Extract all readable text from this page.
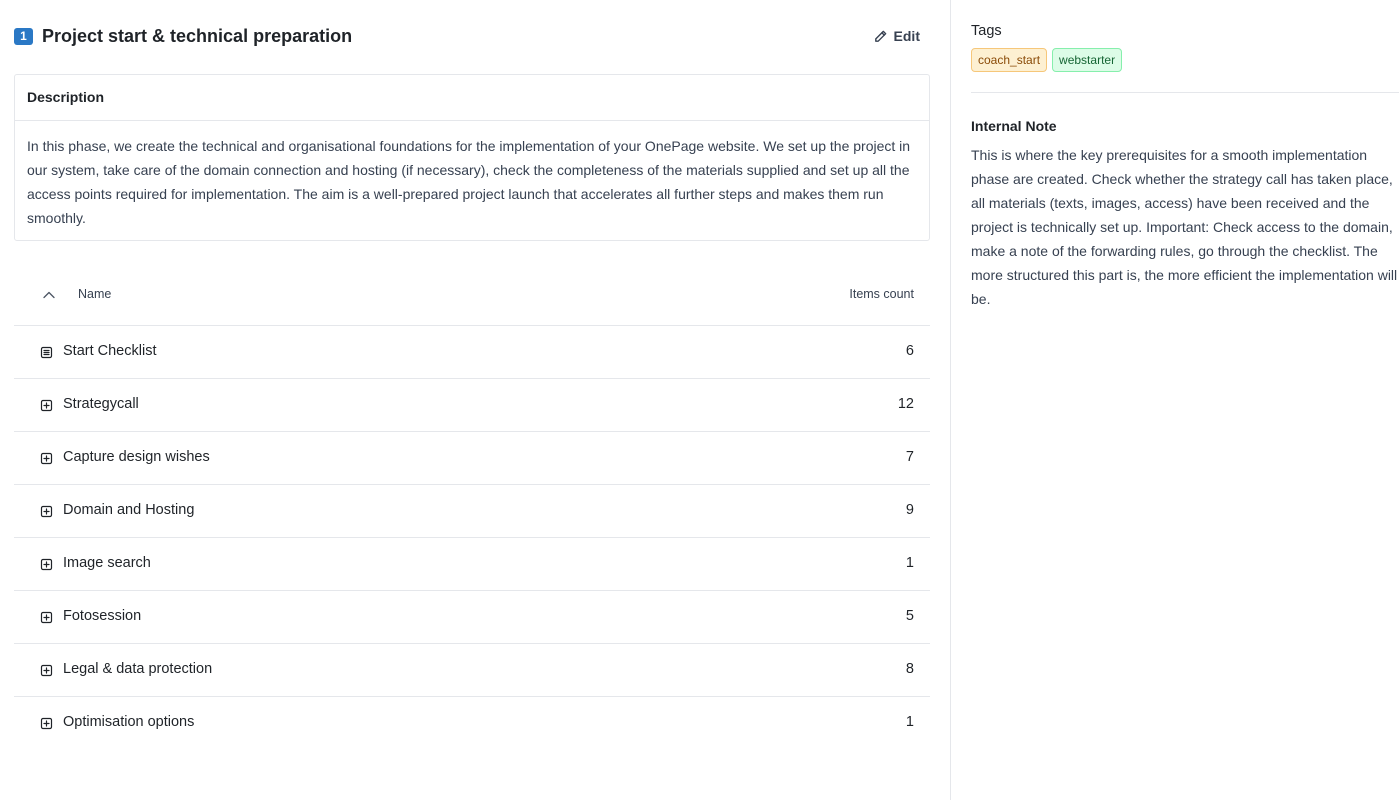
1 Project start & technical preparation	Edit
Description
In this phase, we create the technical and organisational foundations for the implementation of your OnePage website. We set up the project in our system, take care of the domain connection and hosting (if necessary), check the completeness of the materials supplied and set up all the access points required for implementation. The aim is a well-prepared project launch that accelerates all further steps and makes them run smoothly.
Name	Items count
Start Checklist	6
Strategycall	12
Capture design wishes	7
Domain and Hosting	9
Image search	1
Fotosession	5
Legal & data protection	8
Optimisation options	1
Tags
coach_start	webstarter
Internal Note
This is where the key prerequisites for a smooth implementation phase are created. Check whether the strategy call has taken place, all materials (texts, images, access) have been received and the project is technically set up. Important: Check access to the domain, make a note of the forwarding rules, go through the checklist. The more structured this part is, the more efficient the implementation will be.
